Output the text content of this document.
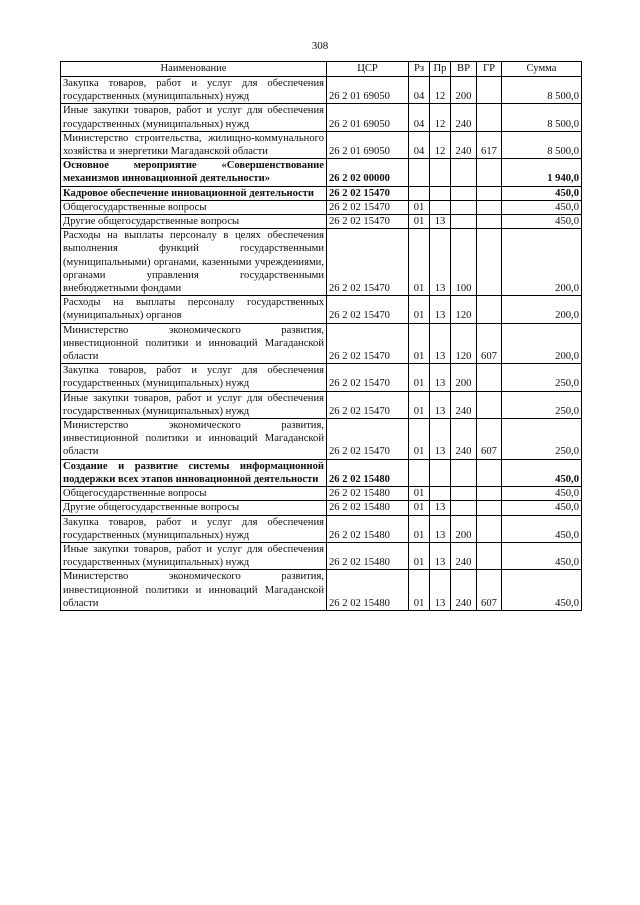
308
Наименование	ЦСР	Рз	Пр	ВР	ГР	Сумма
Закупка товаров, работ и услуг для обеспечения государственных (муниципальных) нужд	26 2 01 69050	04	12	200		8 500,0
Иные закупки товаров, работ и услуг для обеспечения государственных (муниципальных) нужд	26 2 01 69050	04	12	240		8 500,0
Министерство строительства, жилищно-коммунального хозяйства и энергетики Магаданской области	26 2 01 69050	04	12	240	617	8 500,0
Основное мероприятие «Совершенствование механизмов инновационной деятельности»	26 2 02 00000					1 940,0
Кадровое обеспечение инновационной деятельности	26 2 02 15470					450,0
Общегосударственные вопросы	26 2 02 15470	01				450,0
Другие общегосударственные вопросы	26 2 02 15470	01	13			450,0
Расходы на выплаты персоналу в целях обеспечения выполнения функций государственными (муниципальными) органами, казенными учреждениями, органами управления государственными внебюджетными фондами	26 2 02 15470	01	13	100		200,0
Расходы на выплаты персоналу государственных (муниципальных) органов	26 2 02 15470	01	13	120		200,0
Министерство экономического развития, инвестиционной политики и инноваций Магаданской области	26 2 02 15470	01	13	120	607	200,0
Закупка товаров, работ и услуг для обеспечения государственных (муниципальных) нужд	26 2 02 15470	01	13	200		250,0
Иные закупки товаров, работ и услуг для обеспечения государственных (муниципальных) нужд	26 2 02 15470	01	13	240		250,0
Министерство экономического развития, инвестиционной политики и инноваций Магаданской области	26 2 02 15470	01	13	240	607	250,0
Создание и развитие системы информационной поддержки всех этапов инновационной деятельности	26 2 02 15480					450,0
Общегосударственные вопросы	26 2 02 15480	01				450,0
Другие общегосударственные вопросы	26 2 02 15480	01	13			450,0
Закупка товаров, работ и услуг для обеспечения государственных (муниципальных) нужд	26 2 02 15480	01	13	200		450,0
Иные закупки товаров, работ и услуг для обеспечения государственных (муниципальных) нужд	26 2 02 15480	01	13	240		450,0
Министерство экономического развития, инвестиционной политики и инноваций Магаданской области	26 2 02 15480	01	13	240	607	450,0
